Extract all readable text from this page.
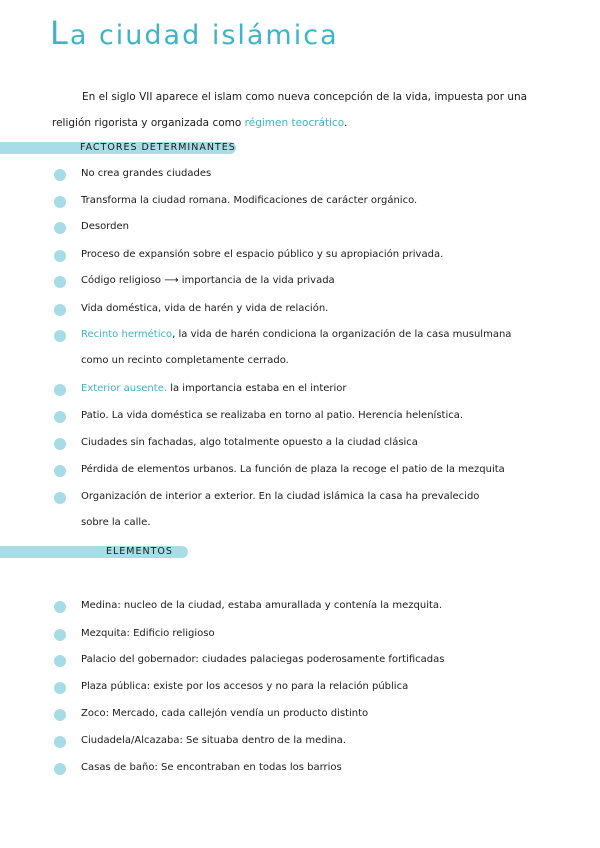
La ciudad islámica

En el siglo VII aparece el islam como nueva concepción de la vida, impuesta por una religión rigorista y organizada como régimen teocrático.

FACTORES DETERMINANTES
No crea grandes ciudades
Transforma la ciudad romana. Modificaciones de carácter orgánico.
Desorden
Proceso de expansión sobre el espacio público y su apropiación privada.
Código religioso ⟶ importancia de la vida privada
Vida doméstica, vida de harén y vida de relación.
Recinto hermético, la vida de harén condiciona la organización de la casa musulmana
como un recinto completamente cerrado.
Exterior ausente. la importancia estaba en el interior
Patio. La vida doméstica se realizaba en torno al patio. Herencia helenística.
Ciudades sin fachadas, algo totalmente opuesto a la ciudad clásica
Pérdida de elementos urbanos. La función de plaza la recoge el patio de la mezquita
Organización de interior a exterior. En la ciudad islámica la casa ha prevalecido
sobre la calle.
ELEMENTOS
Medina: nucleo de la ciudad, estaba amurallada y contenía la mezquita.
Mezquita: Edificio religioso
Palacio del gobernador: ciudades palaciegas poderosamente fortificadas
Plaza pública: existe por los accesos y no para la relación pública
Zoco: Mercado, cada callejón vendía un producto distinto
Ciudadela/Alcazaba: Se situaba dentro de la medina.
Casas de baño: Se encontraban en todas los barrios
